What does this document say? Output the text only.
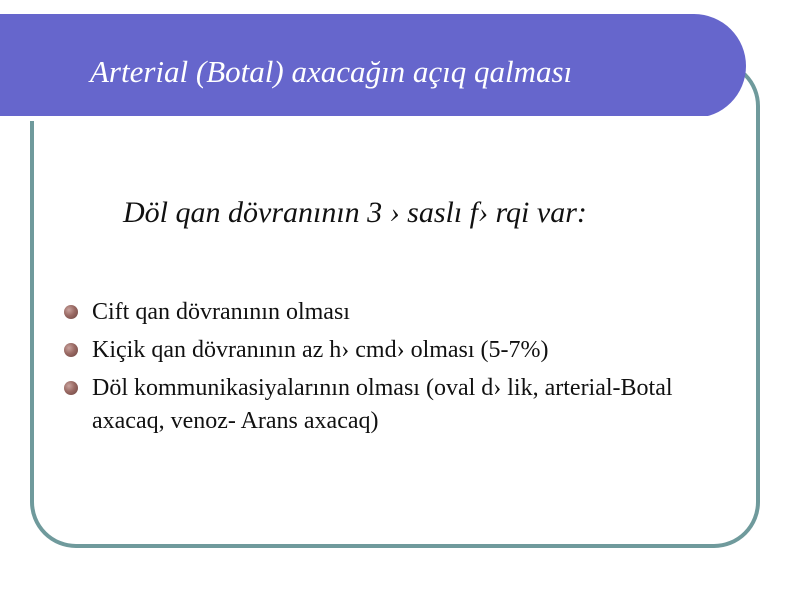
Arterial (Botal) axacağın açıq qalması
Döl qan dövranının 3 › saslı f› rqi var:
Cift qan dövranının olması
Kiçik qan dövranının az h› cmd› olması (5-7%)
Döl kommunikasiyalarının olması (oval d› lik, arterial-Botal axacaq, venoz- Arans axacaq)
